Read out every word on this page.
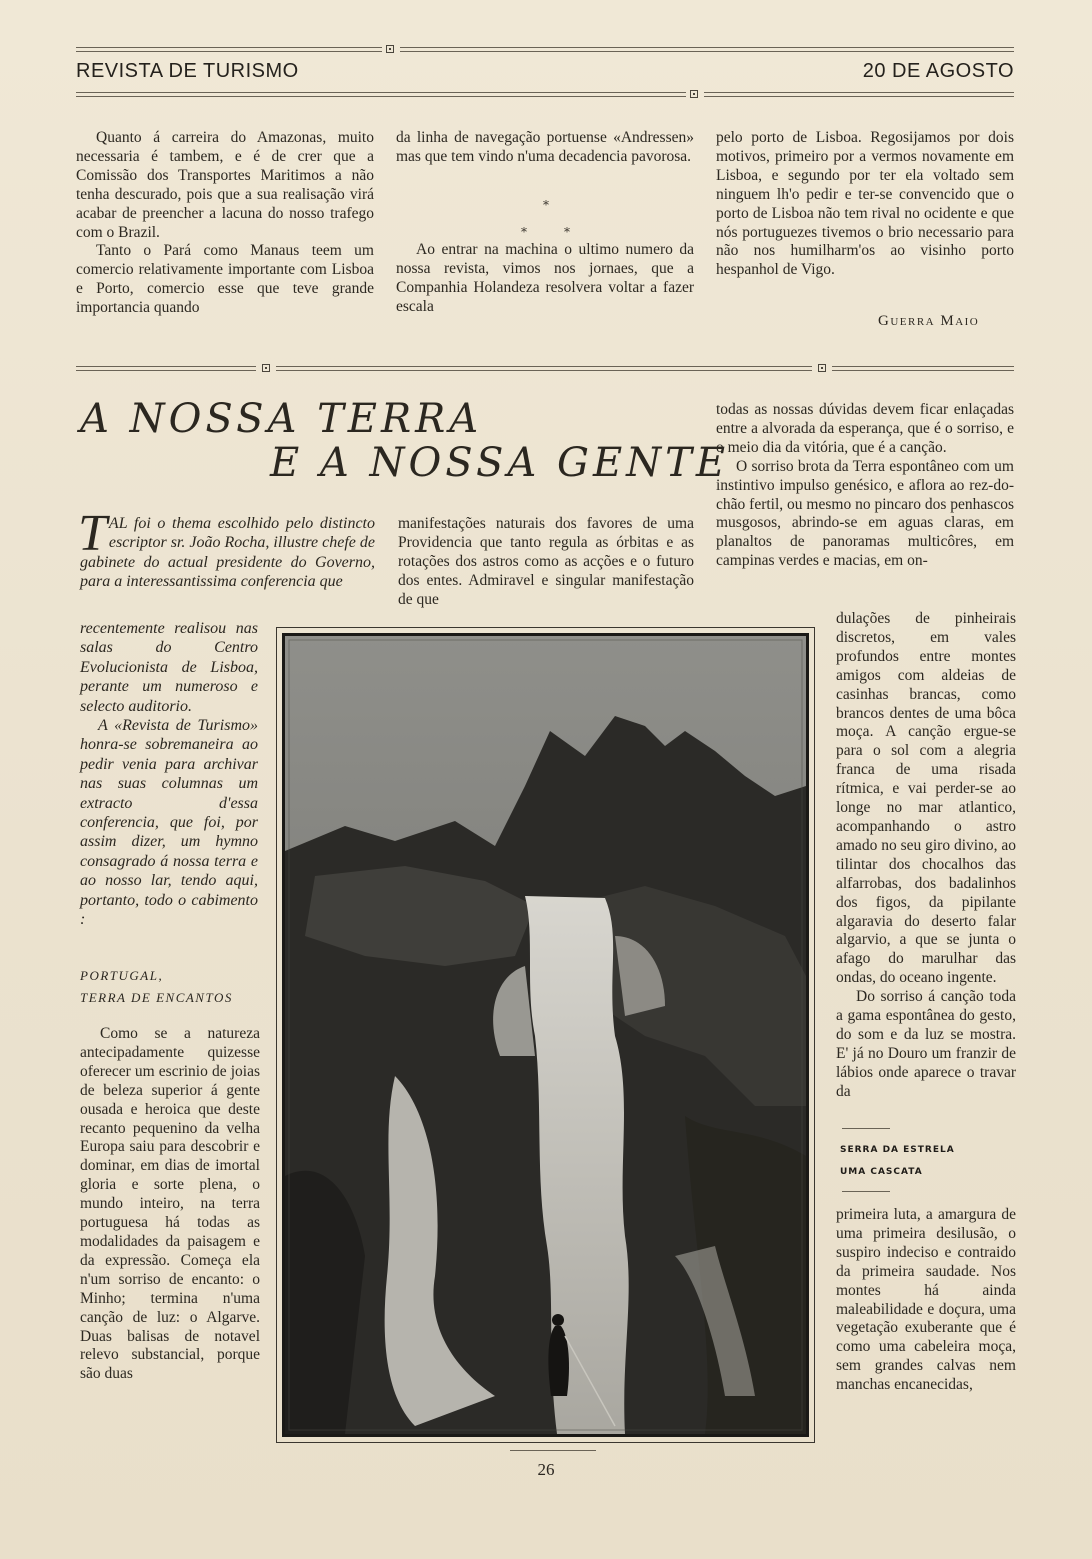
REVISTA DE TURISMO	20 DE AGOSTO

Quanto á carreira do Amazonas, muito necessaria é tambem, e é de crer que a Comissão dos Transportes Maritimos a não tenha descurado, pois que a sua realisação virá acabar de preencher a lacuna do nosso trafego com o Brazil.

Tanto o Pará como Manaus teem um comercio relativamente importante com Lisboa e Porto, comercio esse que teve grande importancia quando

da linha de navegação portuense «Andressen» mas que tem vindo n'uma decadencia pavorosa.

Ao entrar na machina o ultimo numero da nossa revista, vimos nos jornaes, que a Companhia Holandeza resolvera voltar a fazer escala

*
*	*

pelo porto de Lisboa. Regosijamos por dois motivos, primeiro por a vermos novamente em Lisboa, e segundo por ter ela voltado sem ninguem lh'o pedir e ter-se convencido que o porto de Lisboa não tem rival no ocidente e que nós portuguezes tivemos o brio necessario para não nos humilharm'os ao visinho porto hespanhol de Vigo.

Guerra Maio
A NOSSA TERRA
E A NOSSA GENTE
T AL foi o thema escolhido pelo distincto escriptor sr. João Rocha, illustre chefe de gabinete do actual presidente do Governo, para a interessantissima conferencia que
recentemente realisou nas salas do Centro Evolucionista de Lisboa, perante um numeroso e selecto auditorio.
A «Revista de Turismo» honra-se sobremaneira ao pedir venia para archivar nas suas columnas um extracto d'essa conferencia, que foi, por assim dizer, um hymno consagrado á nossa terra e ao nosso lar, tendo aqui, portanto, todo o cabimento :
PORTUGAL,
TERRA DE ENCANTOS

Como se a natureza antecipadamente quizesse oferecer um escrinio de joias de beleza superior á gente ousada e heroica que deste recanto pequenino da velha Europa saiu para descobrir e dominar, em dias de imortal gloria e sorte plena, o mundo inteiro, na terra portuguesa há todas as modalidades da paisagem e da expressão. Começa ela n'um sorriso de encanto: o Minho; termina n'uma canção de luz: o Algarve. Duas balisas de notavel relevo substancial, porque são duas

manifestações naturais dos favores de uma Providencia que tanto regula as órbitas e as rotações dos astros como as acções e o futuro dos entes. Admiravel e singular manifestação de que

todas as nossas dúvidas devem ficar enlaçadas entre a alvorada da esperança, que é o sorriso, e o meio dia da vitória, que é a canção.

O sorriso brota da Terra espontâneo com um instintivo impulso genésico, e aflora ao rez-do-chão fertil, ou mesmo no pincaro dos penhascos musgosos, abrindo-se em aguas claras, em planaltos de panoramas multicôres, em campinas verdes e macias, em on-

dulações de pinheirais discretos, em vales profundos entre montes amigos com aldeias de casinhas brancas, como brancos dentes de uma bôca moça. A canção ergue-se para o sol com a alegria franca de uma risada rítmica, e vai perder-se ao longe no mar atlantico, acompanhando o astro amado no seu giro divino, ao tilintar dos chocalhos das alfarrobas, dos badalinhos dos figos, da pipilante algaravia do deserto falar algarvio, a que se junta o afago do marulhar das ondas, do oceano ingente.

Do sorriso á canção toda a gama espontânea do gesto, do som e da luz se mostra. E' já no Douro um franzir de lábios onde aparece o travar da

SERRA DA ESTRELA
UMA CASCATA

primeira luta, a amargura de uma primeira desilusão, o suspiro indeciso e contraido da primeira saudade. Nos montes há ainda maleabilidade e doçura, uma vegetação exuberante que é como uma cabeleira moça, sem grandes calvas nem manchas encanecidas,

26
